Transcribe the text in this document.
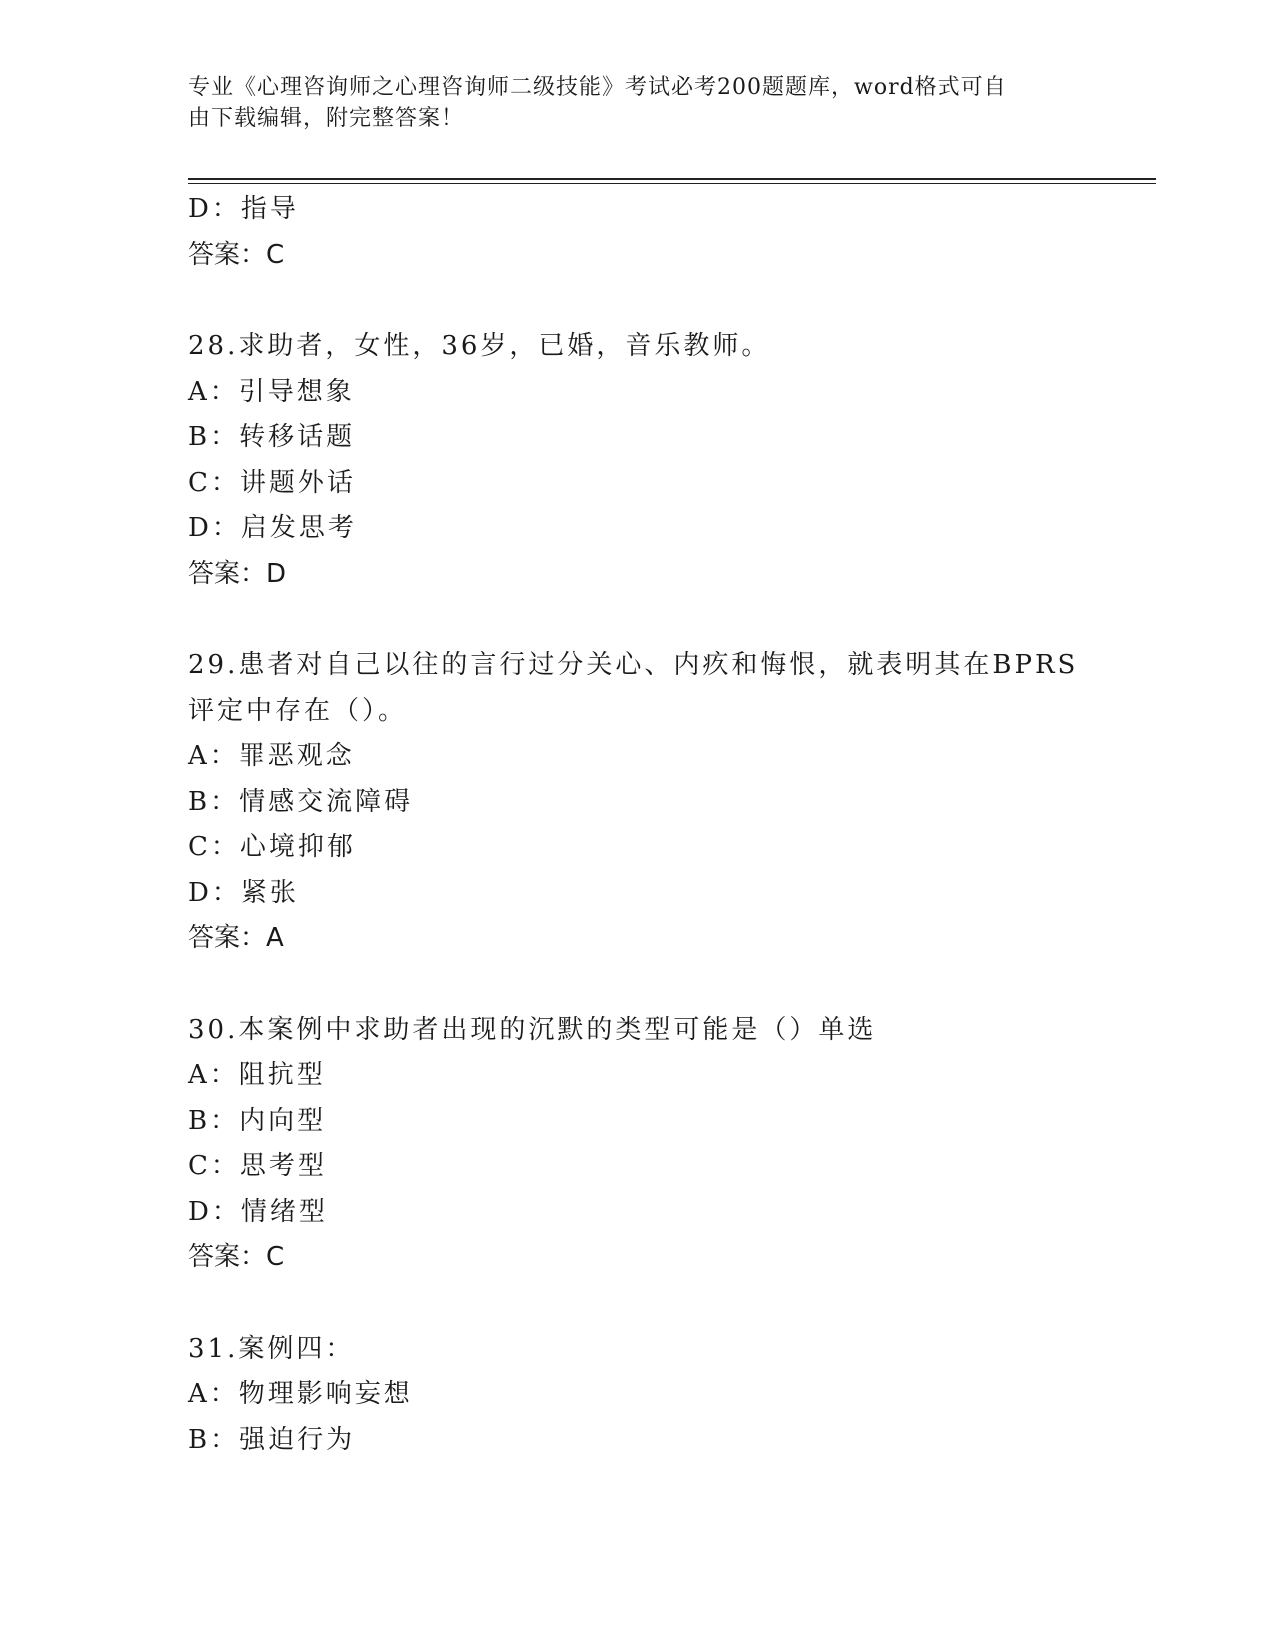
专业《心理咨询师之心理咨询师二级技能》考试必考200题题库，word格式可自
由下载编辑，附完整答案！
D：指导
答案：C
28.求助者，女性，36岁，已婚，音乐教师。
A：引导想象
B：转移话题
C：讲题外话
D：启发思考
答案：D
29.患者对自己以往的言行过分关心、内疚和悔恨，就表明其在BPRS
评定中存在（）。
A：罪恶观念
B：情感交流障碍
C：心境抑郁
D：紧张
答案：A
30.本案例中求助者出现的沉默的类型可能是（）单选
A：阻抗型
B：内向型
C：思考型
D：情绪型
答案：C
31.案例四：
A：物理影响妄想
B：强迫行为
